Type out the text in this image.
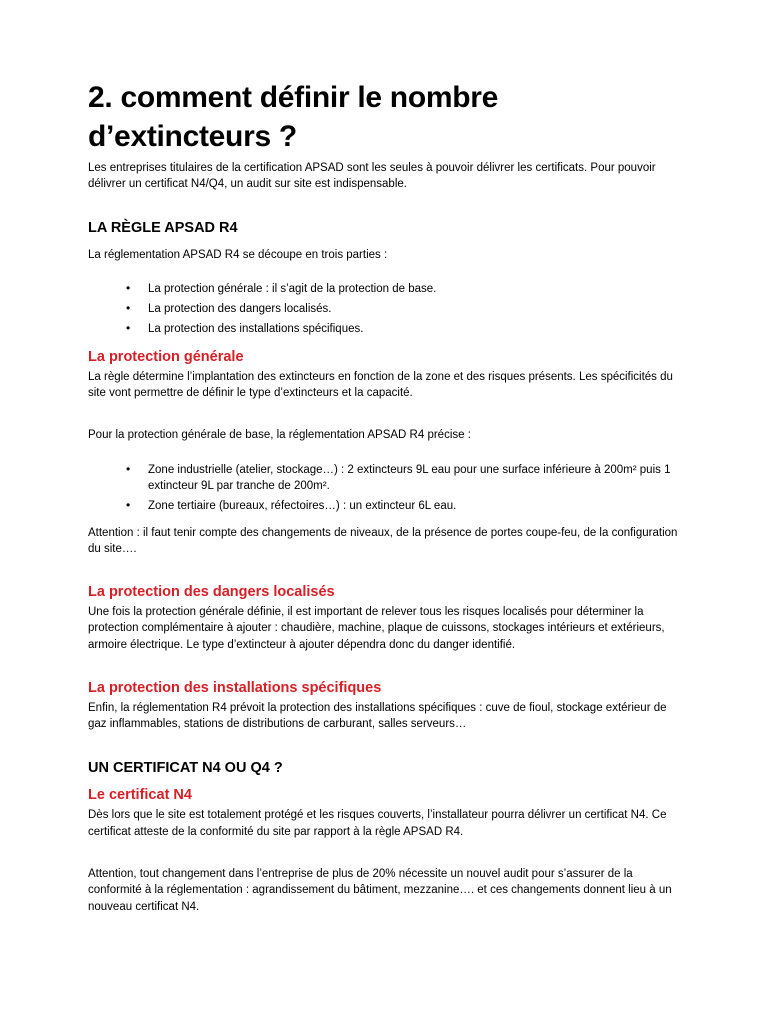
2. comment définir le nombre d’extincteurs ?

Les entreprises titulaires de la certification APSAD sont les seules à pouvoir délivrer les certificats. Pour pouvoir délivrer un certificat N4/Q4, un audit sur site est indispensable.

LA RÈGLE APSAD R4

La réglementation APSAD R4 se découpe en trois parties :

• La protection générale : il s’agit de la protection de base.
• La protection des dangers localisés.
• La protection des installations spécifiques.
La protection générale

La règle détermine l’implantation des extincteurs en fonction de la zone et des risques présents. Les spécificités du site vont permettre de définir le type d’extincteurs et la capacité.

Pour la protection générale de base, la réglementation APSAD R4 précise :

• Zone industrielle (atelier, stockage…) : 2 extincteurs 9L eau pour une surface inférieure à 200m² puis 1 extincteur 9L par tranche de 200m².
• Zone tertiaire (bureaux, réfectoires…) : un extincteur 6L eau.

Attention : il faut tenir compte des changements de niveaux, de la présence de portes coupe-feu, de la configuration du site….

La protection des dangers localisés

Une fois la protection générale définie, il est important de relever tous les risques localisés pour déterminer la protection complémentaire à ajouter : chaudière, machine, plaque de cuissons, stockages intérieurs et extérieurs, armoire électrique. Le type d’extincteur à ajouter dépendra donc du danger identifié.

La protection des installations spécifiques

Enfin, la réglementation R4 prévoit la protection des installations spécifiques : cuve de fioul, stockage extérieur de gaz inflammables, stations de distributions de carburant, salles serveurs…

UN CERTIFICAT N4 OU Q4 ?
Le certificat N4

Dès lors que le site est totalement protégé et les risques couverts, l’installateur pourra délivrer un certificat N4. Ce certificat atteste de la conformité du site par rapport à la règle APSAD R4.

Attention, tout changement dans l’entreprise de plus de 20% nécessite un nouvel audit pour s’assurer de la conformité à la réglementation : agrandissement du bâtiment, mezzanine…. et ces changements donnent lieu à un nouveau certificat N4.
